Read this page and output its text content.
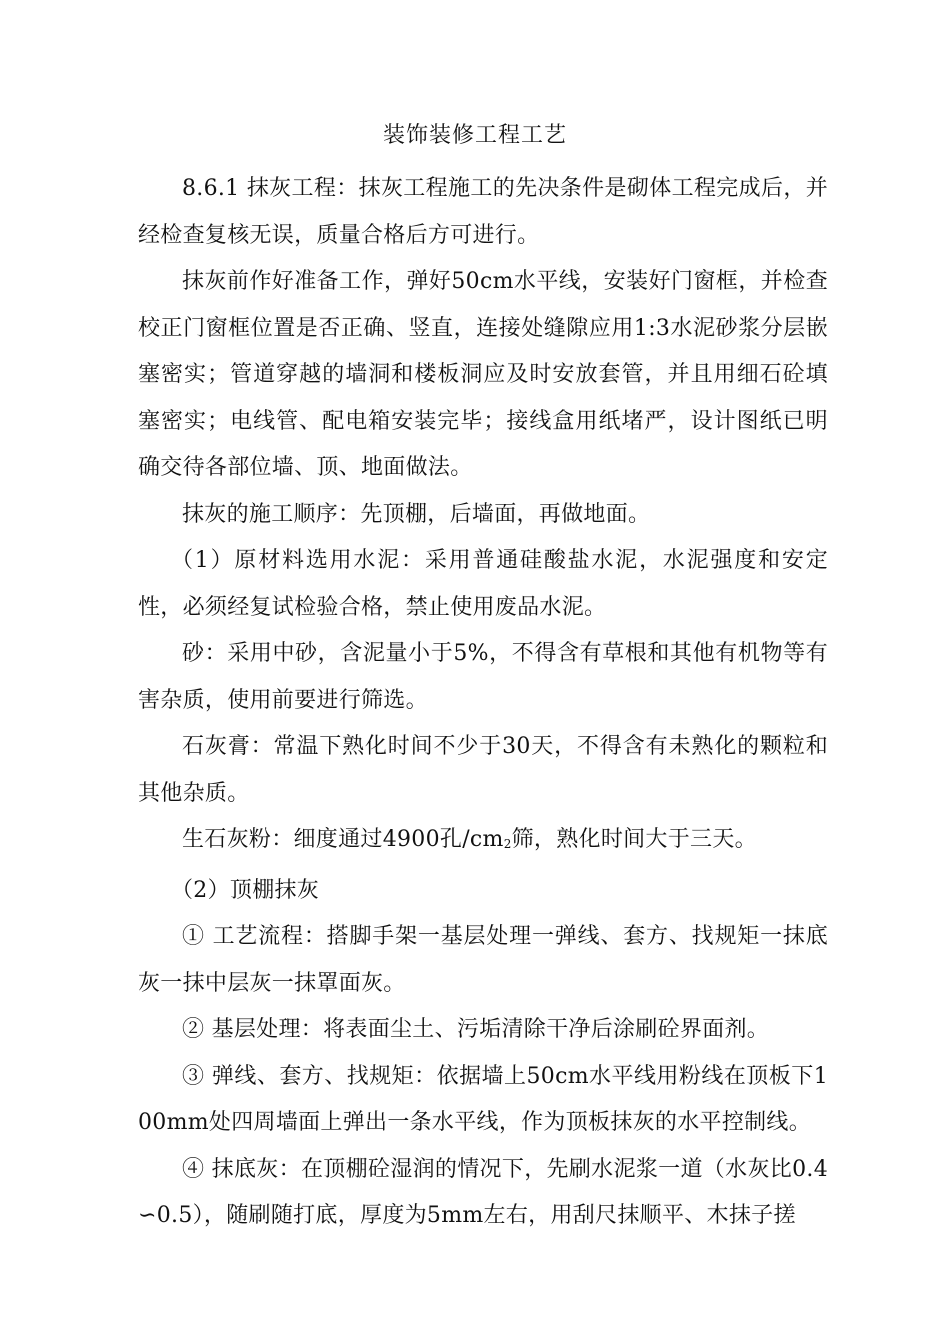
装饰装修工程工艺

8.6.1 抹灰工程：抹灰工程施工的先决条件是砌体工程完成后，并经检查复核无误，质量合格后方可进行。

抹灰前作好准备工作，弹好50cm水平线，安装好门窗框，并检查校正门窗框位置是否正确、竖直，连接处缝隙应用1:3水泥砂浆分层嵌塞密实；管道穿越的墙洞和楼板洞应及时安放套管，并且用细石砼填塞密实；电线管、配电箱安装完毕；接线盒用纸堵严，设计图纸已明确交待各部位墙、顶、地面做法。

抹灰的施工顺序：先顶棚，后墙面，再做地面。

（1）原材料选用水泥：采用普通硅酸盐水泥，水泥强度和安定性，必须经复试检验合格，禁止使用废品水泥。

砂：采用中砂，含泥量小于5%，不得含有草根和其他有机物等有害杂质，使用前要进行筛选。

石灰膏：常温下熟化时间不少于30天，不得含有未熟化的颗粒和其他杂质。

生石灰粉：细度通过4900孔$/cm_2$筛，熟化时间大于三天。

（2）顶棚抹灰

① 工艺流程：搭脚手架一基层处理一弹线、套方、找规矩一抹底灰一抹中层灰一抹罩面灰。

② 基层处理：将表面尘土、污垢清除干净后涂刷砼界面剂。

③ 弹线、套方、找规矩：依据墙上50cm水平线用粉线在顶板下100mm处四周墙面上弹出一条水平线，作为顶板抹灰的水平控制线。

④ 抹底灰：在顶棚砼湿润的情况下，先刷水泥浆一道（水灰比0.4∽0.5），随刷随打底，厚度为5mm左右，用刮尺抹顺平、木抹子搓
